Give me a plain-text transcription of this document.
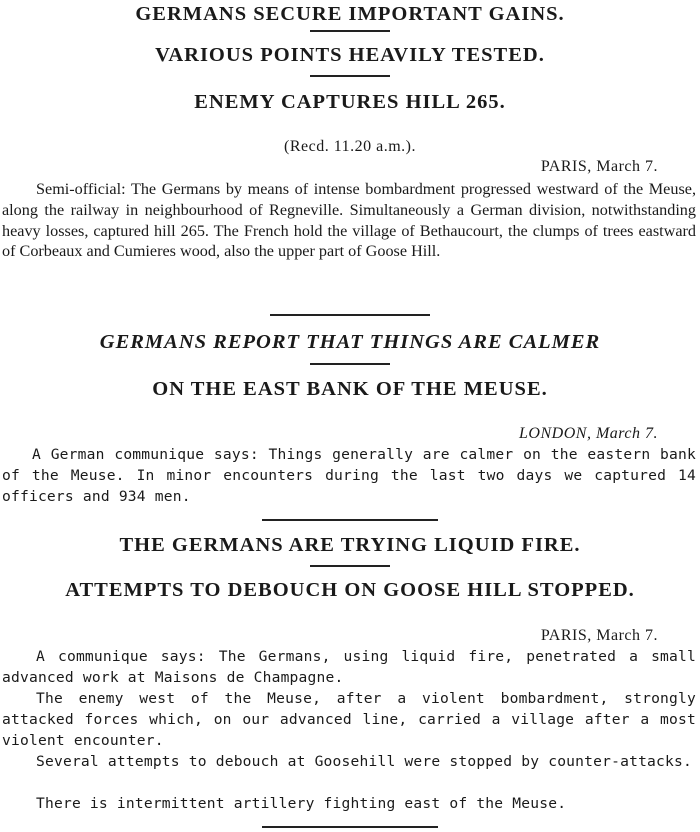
GERMANS SECURE IMPORTANT GAINS.
VARIOUS POINTS HEAVILY TESTED.
ENEMY CAPTURES HILL 265.
(Recd. 11.20 a.m.).
PARIS, March 7.

Semi-official: The Germans by means of intense bombardment progressed westward of the Meuse, along the railway in neighbourhood of Regneville. Simultaneously a German division, notwithstanding heavy losses, captured hill 265. The French hold the village of Bethaucourt, the clumps of trees eastward of Corbeaux and Cumieres wood, also the upper part of Goose Hill.

GERMANS REPORT THAT THINGS ARE CALMER
ON THE EAST BANK OF THE MEUSE.
LONDON, March 7.

A German communique says: Things generally are calmer on the eastern bank of the Meuse. In minor encounters during the last two days we captured 14 officers and 934 men.

THE GERMANS ARE TRYING LIQUID FIRE.
ATTEMPTS TO DEBOUCH ON GOOSE HILL STOPPED.
PARIS, March 7.

A communique says: The Germans, using liquid fire, penetrated a small advanced work at Maisons de Champagne.

The enemy west of the Meuse, after a violent bombardment, strongly attacked forces which, on our advanced line, carried a village after a most violent encounter.

Several attempts to debouch at Goosehill were stopped by counter-attacks.

There is intermittent artillery fighting east of the Meuse.
